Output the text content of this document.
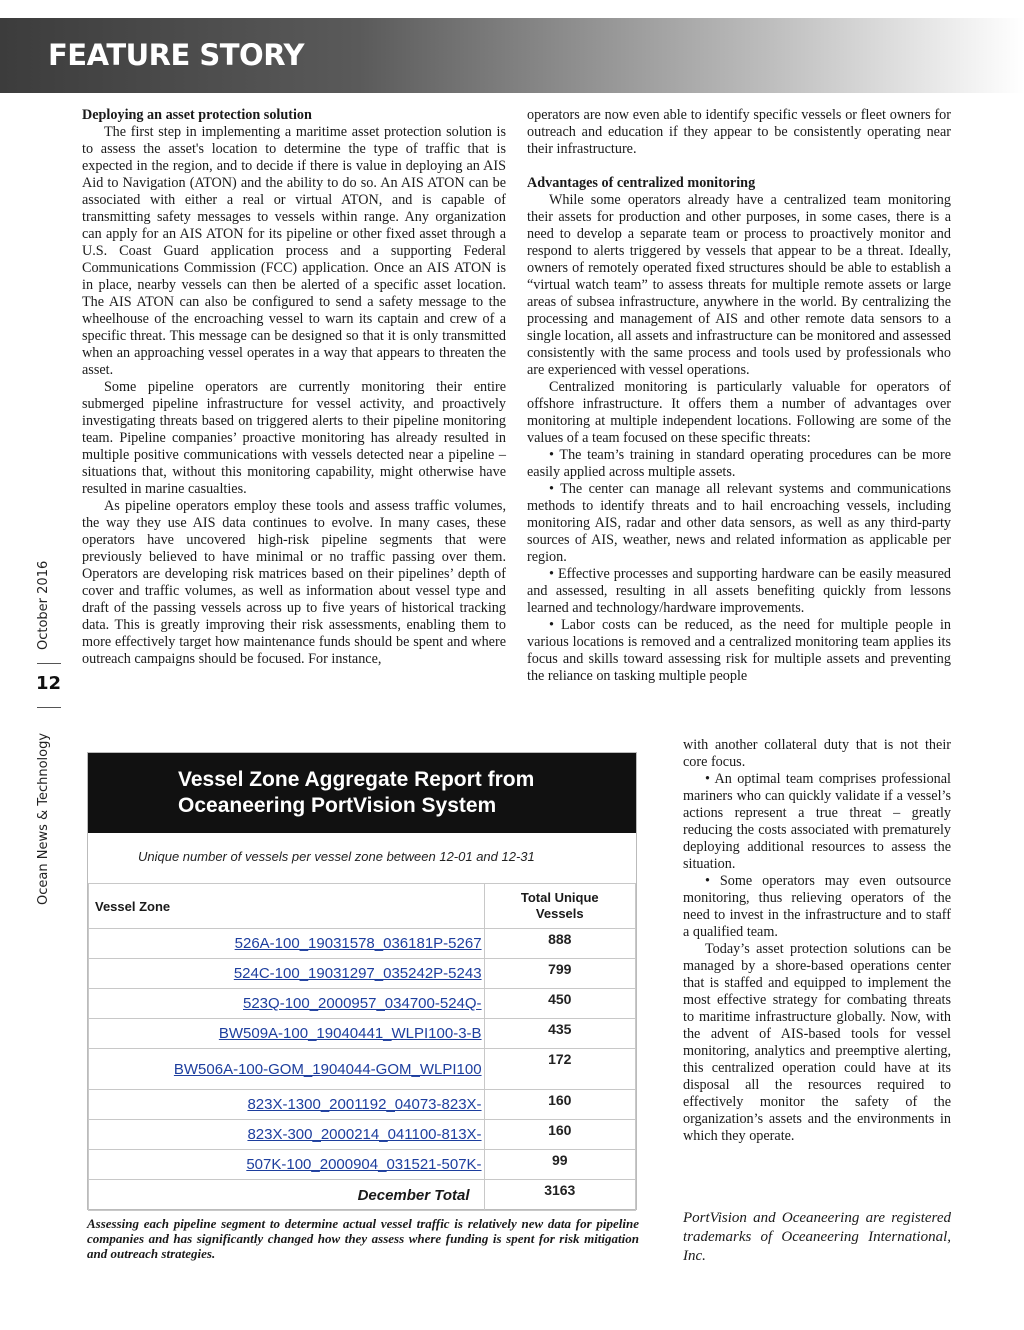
FEATURE STORY
Ocean News & Technology
12
October 2016
Deploying an asset protection solution

The first step in implementing a maritime asset protection solution is to assess the asset's location to determine the type of traffic that is expected in the region, and to decide if there is value in deploying an AIS Aid to Navigation (ATON) and the ability to do so. An AIS ATON can be associated with either a real or virtual ATON, and is capable of transmitting safety messages to vessels within range. Any organization can apply for an AIS ATON for its pipeline or other fixed asset through a U.S. Coast Guard application process and a supporting Federal Communications Commission (FCC) application. Once an AIS ATON is in place, nearby vessels can then be alerted of a specific asset location. The AIS ATON can also be configured to send a safety message to the wheelhouse of the encroaching vessel to warn its captain and crew of a specific threat. This message can be designed so that it is only transmitted when an approaching vessel operates in a way that appears to threaten the asset.

Some pipeline operators are currently monitoring their entire submerged pipeline infrastructure for vessel activity, and proactively investigating threats based on triggered alerts to their pipeline monitoring team. Pipeline companies’ proactive monitoring has already resulted in multiple positive communications with vessels detected near a pipeline – situations that, without this monitoring capability, might otherwise have resulted in marine casualties.

As pipeline operators employ these tools and assess traffic volumes, the way they use AIS data continues to evolve. In many cases, these operators have uncovered high-risk pipeline segments that were previously believed to have minimal or no traffic passing over them. Operators are developing risk matrices based on their pipelines’ depth of cover and traffic volumes, as well as information about vessel type and draft of the passing vessels across up to five years of historical tracking data. This is greatly improving their risk assessments, enabling them to more effectively target how maintenance funds should be spent and where outreach campaigns should be focused. For instance,

operators are now even able to identify specific vessels or fleet owners for outreach and education if they appear to be consistently operating near their infrastructure.

Advantages of centralized monitoring

While some operators already have a centralized team monitoring their assets for production and other purposes, in some cases, there is a need to develop a separate team or process to proactively monitor and respond to alerts triggered by vessels that appear to be a threat. Ideally, owners of remotely operated fixed structures should be able to establish a “virtual watch team” to assess threats for multiple remote assets or large areas of subsea infrastructure, anywhere in the world. By centralizing the processing and management of AIS and other remote data sensors to a single location, all assets and infrastructure can be monitored and assessed consistently with the same process and tools used by professionals who are experienced with vessel operations.

Centralized monitoring is particularly valuable for operators of offshore infrastructure. It offers them a number of advantages over monitoring at multiple independent locations. Following are some of the values of a team focused on these specific threats:

• The team’s training in standard operating procedures can be more easily applied across multiple assets.

• The center can manage all relevant systems and communications methods to identify threats and to hail encroaching vessels, including monitoring AIS, radar and other data sensors, as well as any third-party sources of AIS, weather, news and related information as applicable per region.

• Effective processes and supporting hardware can be easily measured and assessed, resulting in all assets benefiting quickly from lessons learned and technology/hardware improvements.

• Labor costs can be reduced, as the need for multiple people in various locations is removed and a centralized monitoring team applies its focus and skills toward assessing risk for multiple assets and preventing the reliance on tasking multiple people

with another collateral duty that is not their core focus.

• An optimal team comprises professional mariners who can quickly validate if a vessel’s actions represent a true threat – greatly reducing the costs associated with prematurely deploying additional resources to assess the situation.

• Some operators may even outsource monitoring, thus relieving operators of the need to invest in the infrastructure and to staff a qualified team.

Today’s asset protection solutions can be managed by a shore-based operations center that is staffed and equipped to implement the most effective strategy for combating threats to maritime infrastructure globally. Now, with the advent of AIS-based tools for vessel monitoring, analytics and preemptive alerting, this centralized operation could have at its disposal all the resources required to effectively monitor the safety of the organization’s assets and the environments in which they operate.

Vessel Zone Aggregate Report from
Oceaneering PortVision System
Unique number of vessels per vessel zone between 12-01 and 12-31
Vessel Zone	Total Unique
Vessels

526A-100_19031578_036181P-5267	888
524C-100_19031297_035242P-5243	799
523Q-100_2000957_034700-524Q-	450
BW509A-100_19040441_WLPI100-3-B	435
BW506A-100-GOM_1904044-GOM_WLPI100	172
823X-1300_2001192_04073-823X-	160
823X-300_2000214_041100-813X-	160
507K-100_2000904_031521-507K-	99
December Total	3163
Assessing each pipeline segment to determine actual vessel traffic is relatively new data for pipeline companies and has significantly changed how they assess where funding is spent for risk mitigation and outreach strategies.
PortVision and Oceaneering are registered trademarks of Oceaneering International, Inc.
